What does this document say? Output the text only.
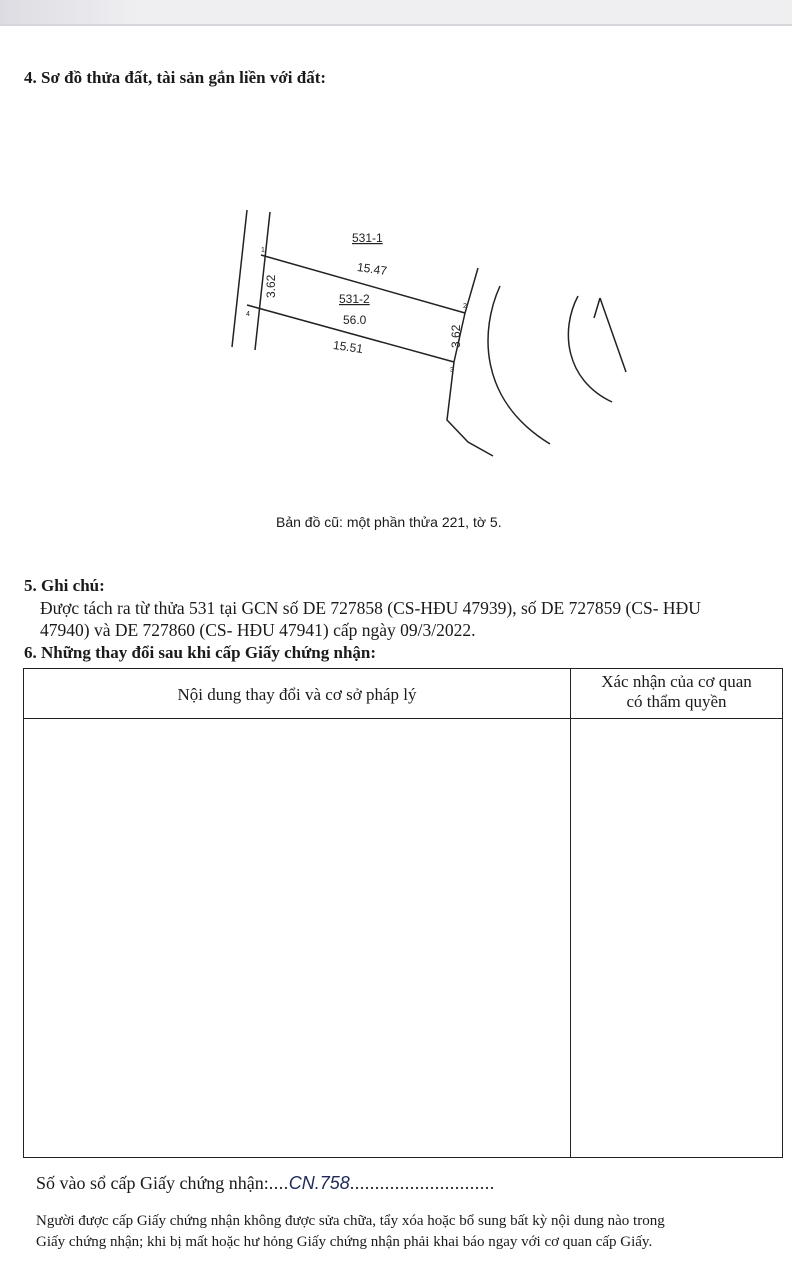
4. Sơ đồ thửa đất, tài sản gắn liền với đất:
531-1
15.47
531-2
56.0
15.51
3.62
3.62
1
2
3
4
Bản đồ cũ: một phần thửa 221, tờ 5.
5. Ghi chú:
Được tách ra từ thửa 531 tại GCN số DE 727858 (CS-HĐU 47939), số DE 727859 (CS- HĐU
47940) và DE 727860 (CS- HĐU 47941) cấp ngày 09/3/2022.
6. Những thay đổi sau khi cấp Giấy chứng nhận:
Nội dung thay đổi và cơ sở pháp lý
Xác nhận của cơ quan
có thẩm quyền
Số vào sổ cấp Giấy chứng nhận:....CN.758.............................
Người được cấp Giấy chứng nhận không được sửa chữa, tẩy xóa hoặc bổ sung bất kỳ nội dung nào trong
Giấy chứng nhận; khi bị mất hoặc hư hỏng Giấy chứng nhận phải khai báo ngay với cơ quan cấp Giấy.
